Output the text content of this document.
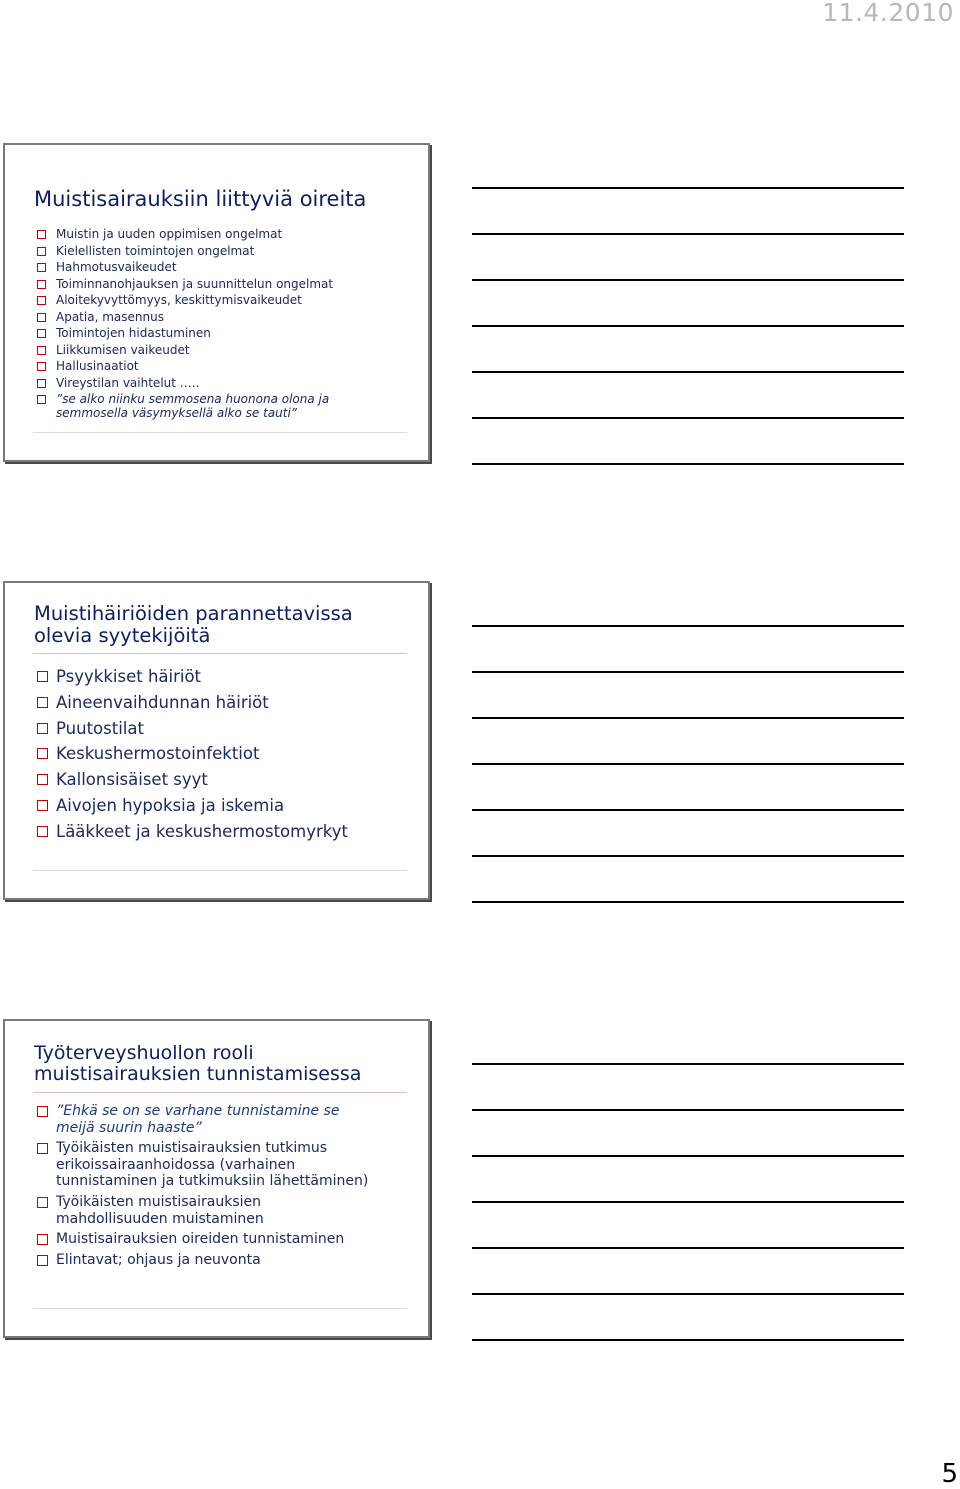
11.4.2010
Muistisairauksiin liittyviä oireita
Muistin ja uuden oppimisen ongelmat
Kielellisten toimintojen ongelmat
Hahmotusvaikeudet
Toiminnanohjauksen ja suunnittelun ongelmat
Aloitekyvyttömyys, keskittymisvaikeudet
Apatia, masennus
Toimintojen hidastuminen
Liikkumisen vaikeudet
Hallusinaatiot
Vireystilan vaihtelut …..
”se alko niinku semmosena huonona olona ja semmosella väsymyksellä alko se tauti”
Muistihäiriöiden parannettavissa
olevia syytekijöitä
Psyykkiset häiriöt
Aineenvaihdunnan häiriöt
Puutostilat
Keskushermostoinfektiot
Kallonsisäiset syyt
Aivojen hypoksia ja iskemia
Lääkkeet ja keskushermostomyrkyt
Työterveyshuollon rooli
muistisairauksien tunnistamisessa
”Ehkä se on se varhane tunnistamine se meijä suurin haaste”
Työikäisten muistisairauksien tutkimus erikoissairaanhoidossa (varhainen tunnistaminen ja tutkimuksiin lähettäminen)
Työikäisten muistisairauksien mahdollisuuden muistaminen
Muistisairauksien oireiden tunnistaminen
Elintavat; ohjaus ja neuvonta
5
